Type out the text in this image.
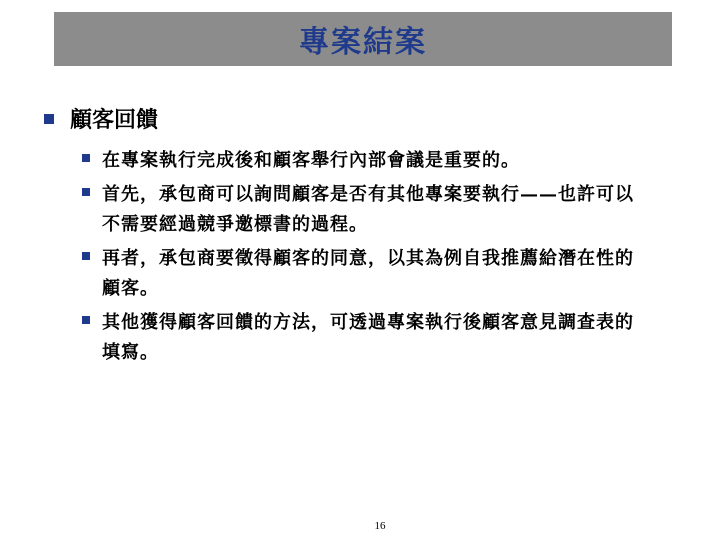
專案結案
顧客回饋
在專案執行完成後和顧客舉行內部會議是重要的。
首先，承包商可以詢問顧客是否有其他專案要執行——也許可以不需要經過競爭邀標書的過程。
再者，承包商要徵得顧客的同意，以其為例自我推薦給潛在性的顧客。
其他獲得顧客回饋的方法，可透過專案執行後顧客意見調查表的填寫。
16
